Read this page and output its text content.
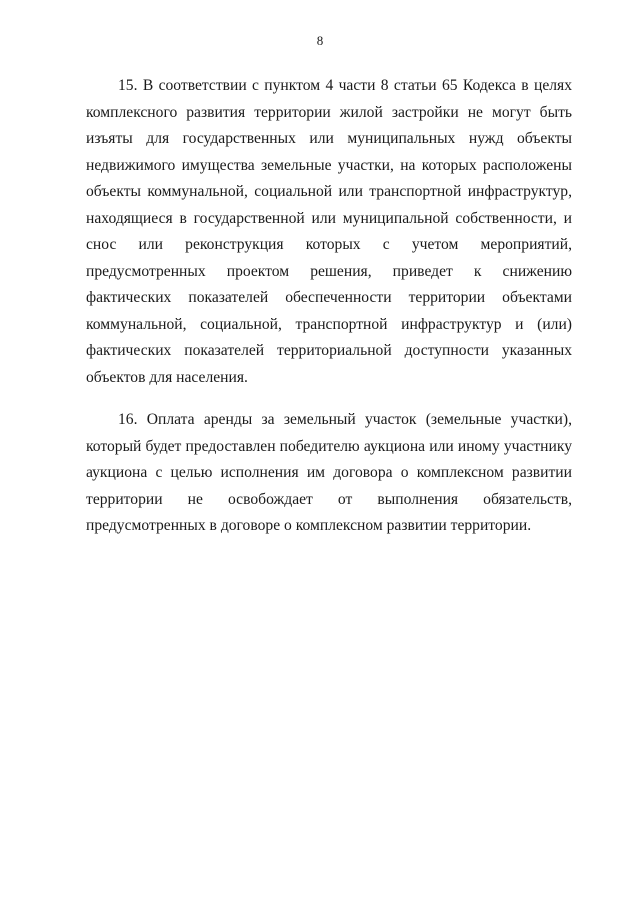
8

15. В соответствии с пунктом 4 части 8 статьи 65 Кодекса в целях комплексного развития территории жилой застройки не могут быть изъяты для государственных или муниципальных нужд объекты недвижимого имущества земельные участки, на которых расположены объекты коммунальной, социальной или транспортной инфраструктур, находящиеся в государственной или муниципальной собственности, и снос или реконструкция которых с учетом мероприятий, предусмотренных проектом решения, приведет к снижению фактических показателей обеспеченности территории объектами коммунальной, социальной, транспортной инфраструктур и (или) фактических показателей территориальной доступности указанных объектов для населения.

16. Оплата аренды за земельный участок (земельные участки), который будет предоставлен победителю аукциона или иному участнику аукциона с целью исполнения им договора о комплексном развитии территории не освобождает от выполнения обязательств, предусмотренных в договоре о комплексном развитии территории.
